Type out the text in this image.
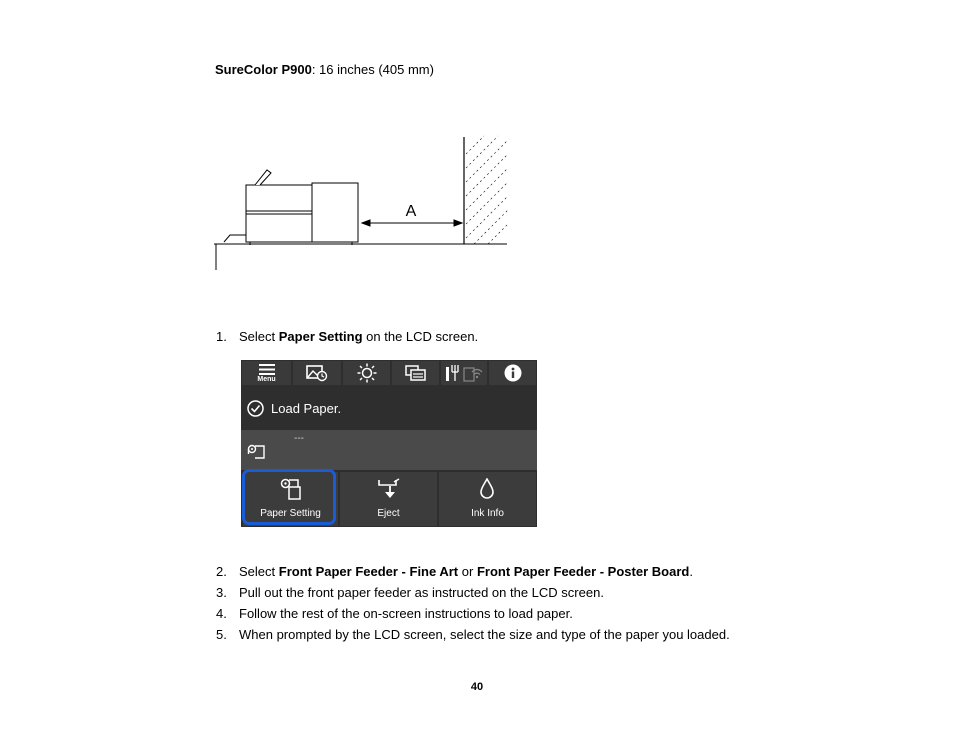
SureColor P900: 16 inches (405 mm)
A
1. Select Paper Setting on the LCD screen.
Menu
Load Paper.
---
Paper Setting	Eject	Ink Info
2. Select Front Paper Feeder - Fine Art or Front Paper Feeder - Poster Board.
3. Pull out the front paper feeder as instructed on the LCD screen.
4. Follow the rest of the on-screen instructions to load paper.
5. When prompted by the LCD screen, select the size and type of the paper you loaded.
40
